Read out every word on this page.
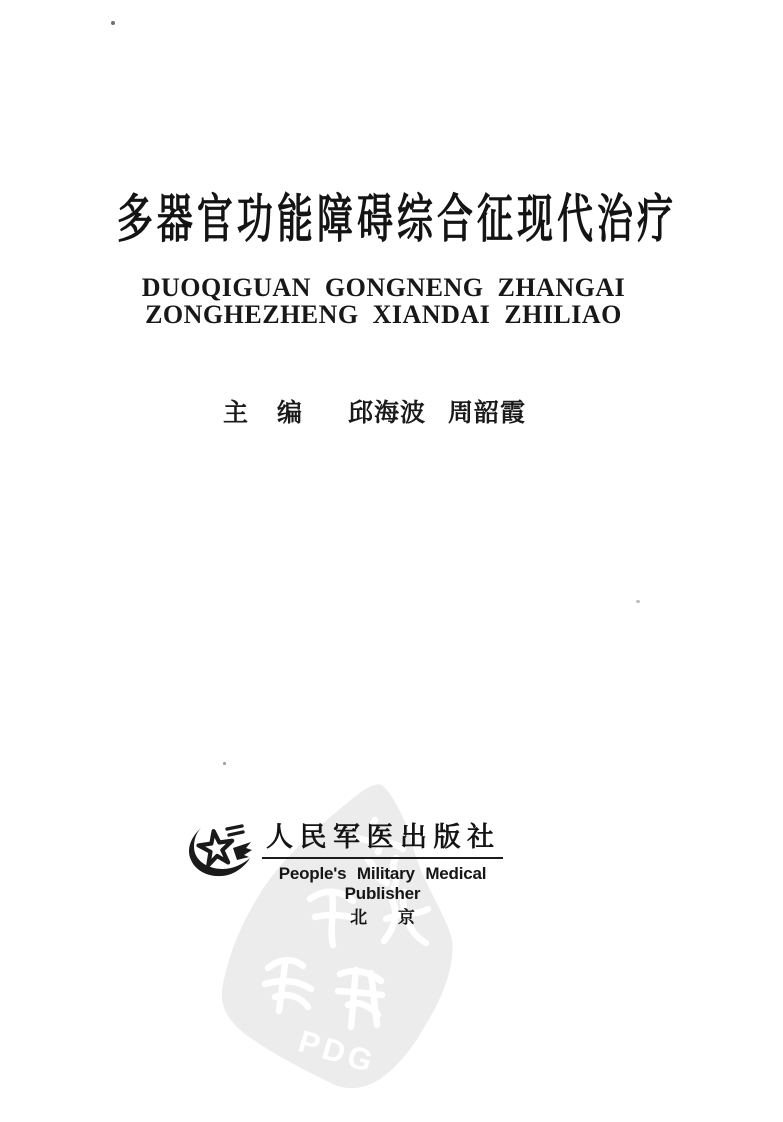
PDG
多器官功能障碍综合征现代治疗
DUOQIGUAN GONGNENG ZHANGAI
ZONGHEZHENG XIANDAI ZHILIAO
主　编 邱海波 周韶霞
人民军医出版社
People's Military Medical Publisher
北 京
